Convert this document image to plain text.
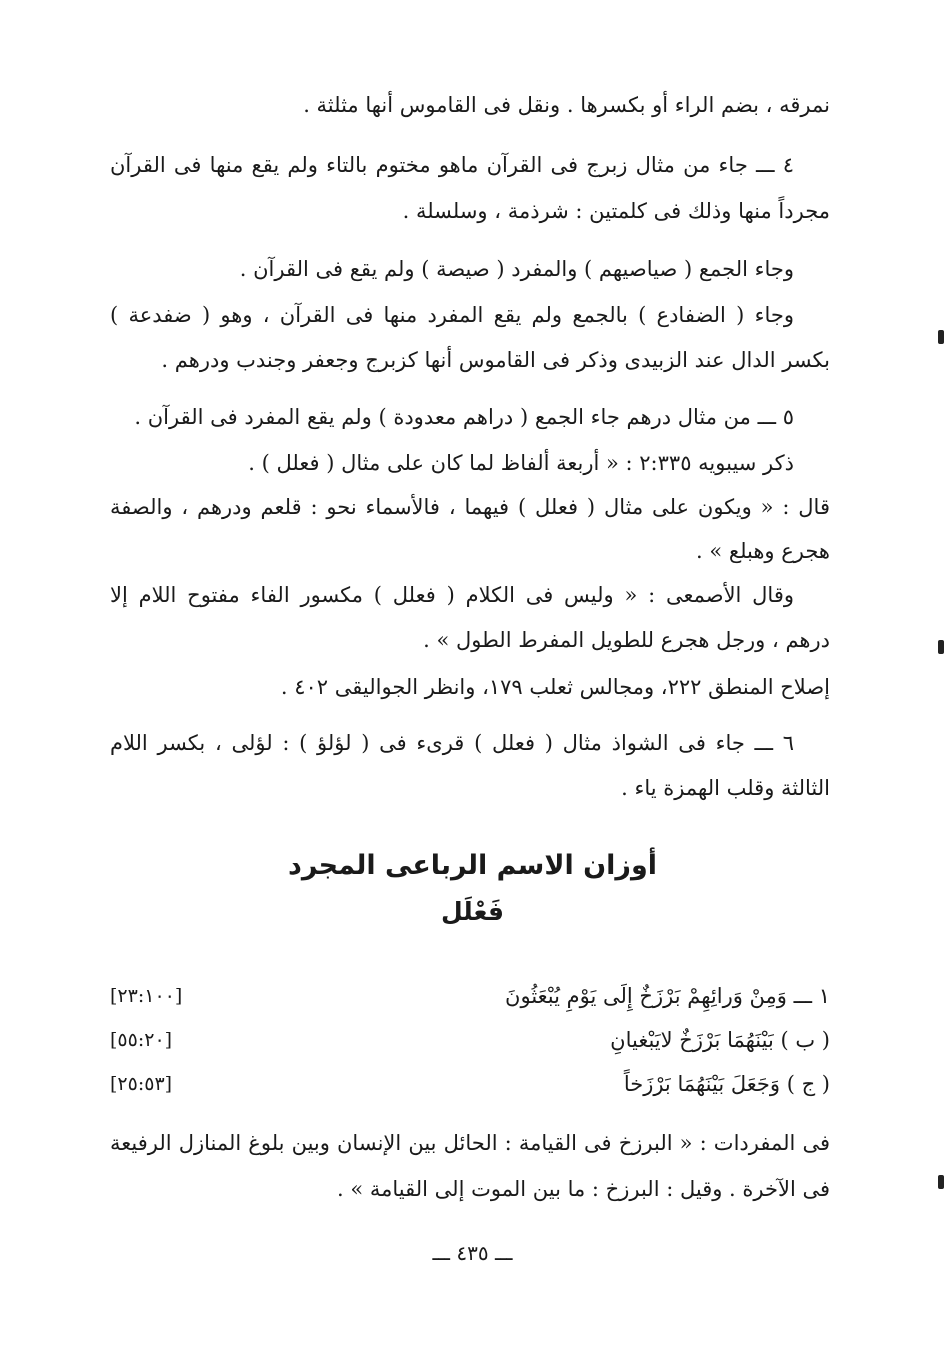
نمرقه ، بضم الراء أو بكسرها . ونقل فى القاموس أنها مثلثة .
٤ ـــ جاء من مثال زبرج فى القرآن ماهو مختوم بالتاء ولم يقع منها فى القرآن
مجرداً منها وذلك فى كلمتين : شرذمة ، وسلسلة .
وجاء الجمع ( صياصيهم ) والمفرد ( صيصة ) ولم يقع فى القرآن .
وجاء ( الضفادع ) بالجمع ولم يقع المفرد منها فى القرآن ، وهو ( ضفدعة )
بكسر الدال عند الزبيدى وذكر فى القاموس أنها كزبرج وجعفر وجندب ودرهم .
٥ ـــ من مثال درهم جاء الجمع ( دراهم معدودة ) ولم يقع المفرد فى القرآن .
ذكر سيبويه ٢:٣٣٥ : « أربعة ألفاظ لما كان على مثال ( فعلل ) .
قال : « ويكون على مثال ( فعلل ) فيهما ، فالأسماء نحو : قلعم ودرهم ، والصفة
هجرع وهبلع » .
وقال الأصمعى : « وليس فى الكلام ( فعلل ) مكسور الفاء مفتوح اللام إلا
درهم ، ورجل هجرع للطويل المفرط الطول » .
إصلاح المنطق ٢٢٢، ومجالس ثعلب ١٧٩، وانظر الجواليقى ٤٠٢ .
٦ ـــ جاء فى الشواذ مثال ( فعلل ) قرىء فى ( لؤلؤ ) : لؤلى ، بكسر اللام
الثالثة وقلب الهمزة ياء .
أوزان الاسم الرباعى المجرد
فَعْلَل
١ ـــ وَمِنْ وَرائِهِمْ بَرْزَخٌ إِلَى يَوْمِ يُبْعَثُونَ
[٢٣:١٠٠]
( ب ) بَيْنَهُمَا بَرْزَخٌ لايَبْغيانِ
[٥٥:٢٠]
( ج ) وَجَعَلَ بَيْنَهُمَا بَرْزَخاً
[٢٥:٥٣]
فى المفردات : « البرزخ فى القيامة : الحائل بين الإنسان وبين بلوغ المنازل الرفيعة
فى الآخرة . وقيل : البرزخ : ما بين الموت إلى القيامة » .
ـــ ٤٣٥ ـــ
